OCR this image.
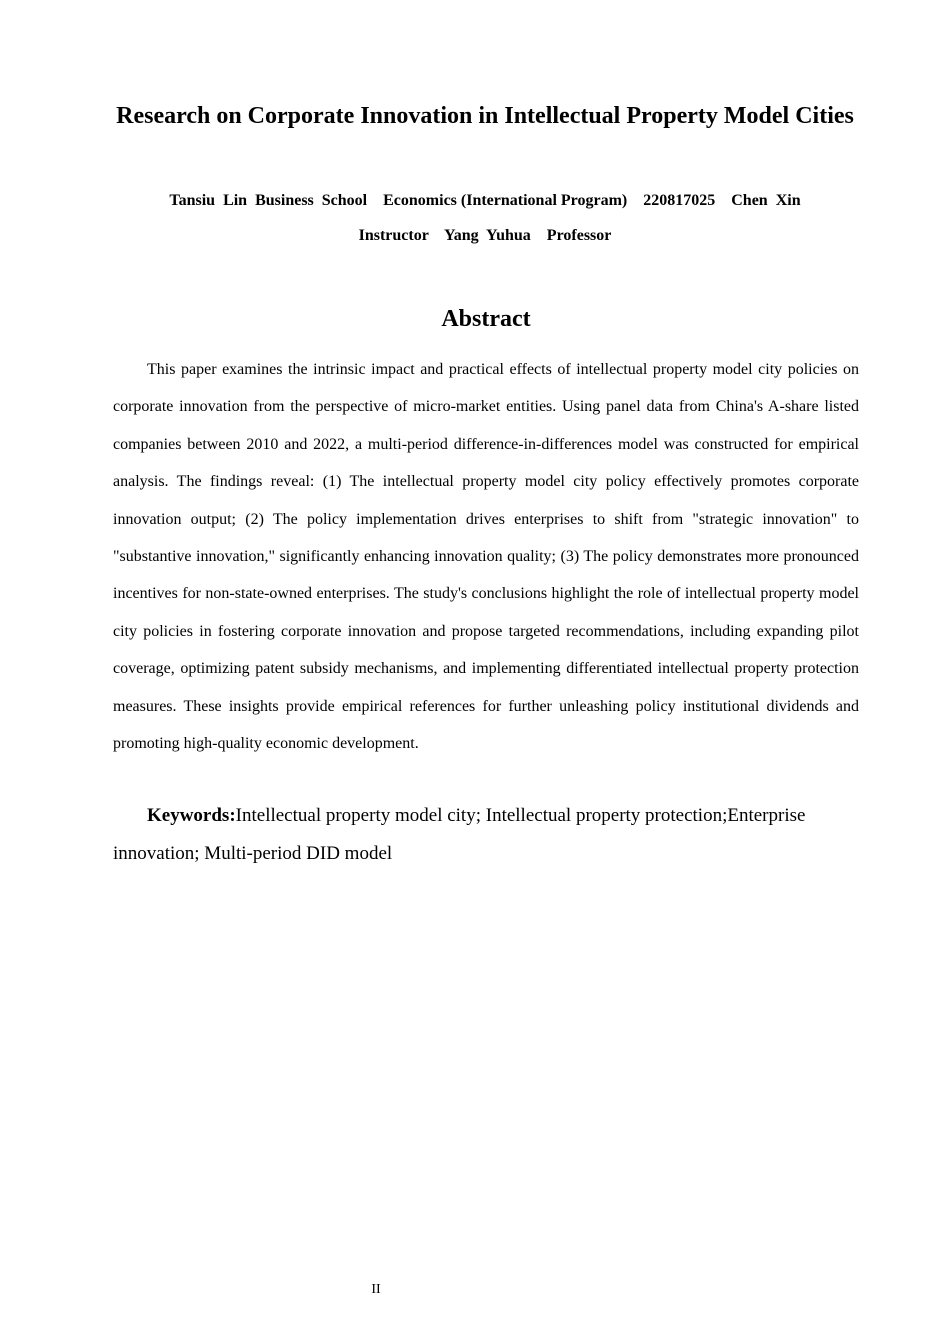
Research on Corporate Innovation in Intellectual Property Model Cities

Tansiu  Lin  Business  School    Economics (International Program)    220817025    Chen  Xin

Instructor    Yang  Yuhua    Professor

Abstract

This paper examines the intrinsic impact and practical effects of intellectual property model city policies on corporate innovation from the perspective of micro-market entities. Using panel data from China's A-share listed companies between 2010 and 2022, a multi-period difference-in-differences model was constructed for empirical analysis. The findings reveal: (1) The intellectual property model city policy effectively promotes corporate innovation output; (2) The policy implementation drives enterprises to shift from "strategic innovation" to "substantive innovation," significantly enhancing innovation quality; (3) The policy demonstrates more pronounced incentives for non-state-owned enterprises. The study's conclusions highlight the role of intellectual property model city policies in fostering corporate innovation and propose targeted recommendations, including expanding pilot coverage, optimizing patent subsidy mechanisms, and implementing differentiated intellectual property protection measures. These insights provide empirical references for further unleashing policy institutional dividends and promoting high-quality economic development.

Keywords:Intellectual property model city; Intellectual property protection;Enterprise innovation; Multi-period DID model

II
